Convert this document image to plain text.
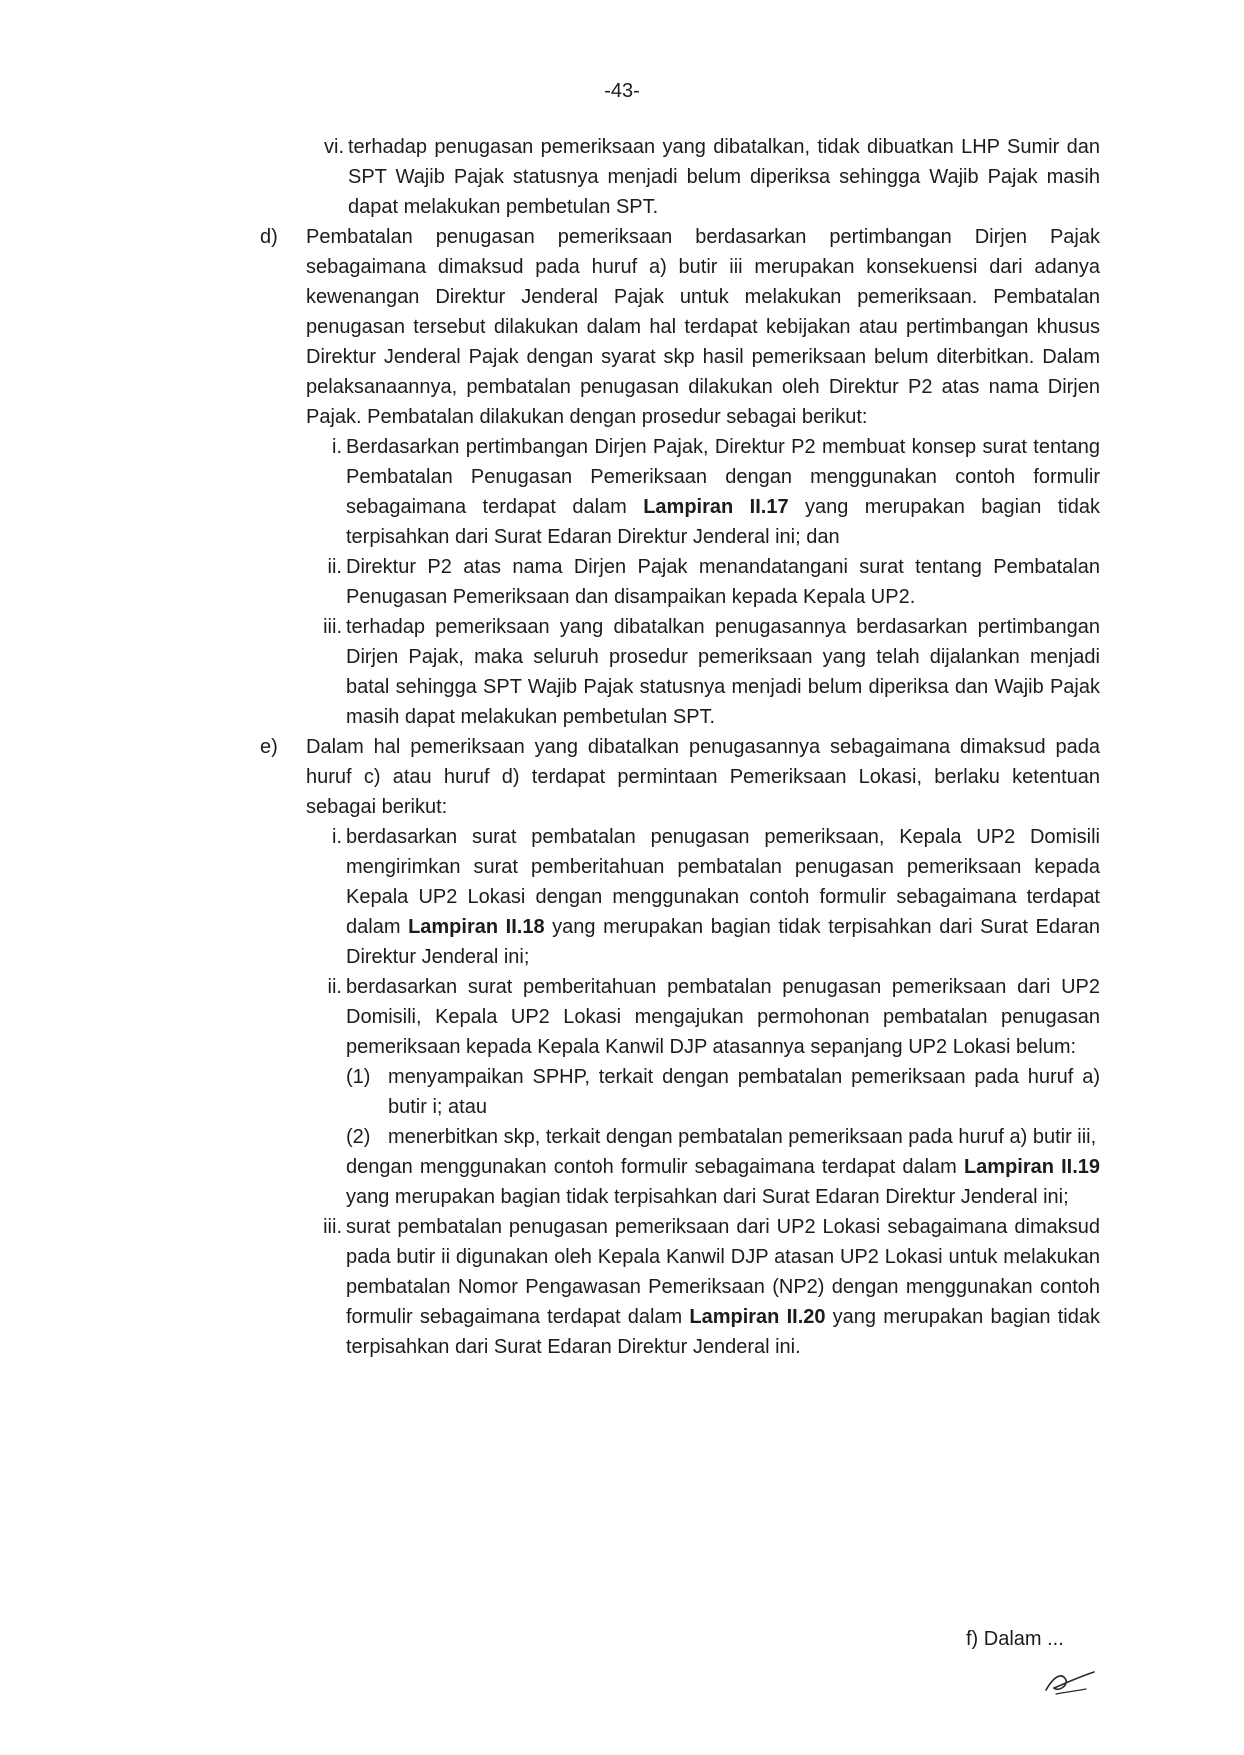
-43-
vi. terhadap penugasan pemeriksaan yang dibatalkan, tidak dibuatkan LHP Sumir dan SPT Wajib Pajak statusnya menjadi belum diperiksa sehingga Wajib Pajak masih dapat melakukan pembetulan SPT.
d) Pembatalan penugasan pemeriksaan berdasarkan pertimbangan Dirjen Pajak sebagaimana dimaksud pada huruf a) butir iii merupakan konsekuensi dari adanya kewenangan Direktur Jenderal Pajak untuk melakukan pemeriksaan. Pembatalan penugasan tersebut dilakukan dalam hal terdapat kebijakan atau pertimbangan khusus Direktur Jenderal Pajak dengan syarat skp hasil pemeriksaan belum diterbitkan. Dalam pelaksanaannya, pembatalan penugasan dilakukan oleh Direktur P2 atas nama Dirjen Pajak. Pembatalan dilakukan dengan prosedur sebagai berikut:
i. Berdasarkan pertimbangan Dirjen Pajak, Direktur P2 membuat konsep surat tentang Pembatalan Penugasan Pemeriksaan dengan menggunakan contoh formulir sebagaimana terdapat dalam Lampiran II.17 yang merupakan bagian tidak terpisahkan dari Surat Edaran Direktur Jenderal ini; dan
ii. Direktur P2 atas nama Dirjen Pajak menandatangani surat tentang Pembatalan Penugasan Pemeriksaan dan disampaikan kepada Kepala UP2.
iii. terhadap pemeriksaan yang dibatalkan penugasannya berdasarkan pertimbangan Dirjen Pajak, maka seluruh prosedur pemeriksaan yang telah dijalankan menjadi batal sehingga SPT Wajib Pajak statusnya menjadi belum diperiksa dan Wajib Pajak masih dapat melakukan pembetulan SPT.
e) Dalam hal pemeriksaan yang dibatalkan penugasannya sebagaimana dimaksud pada huruf c) atau huruf d) terdapat permintaan Pemeriksaan Lokasi, berlaku ketentuan sebagai berikut:
i. berdasarkan surat pembatalan penugasan pemeriksaan, Kepala UP2 Domisili mengirimkan surat pemberitahuan pembatalan penugasan pemeriksaan kepada Kepala UP2 Lokasi dengan menggunakan contoh formulir sebagaimana terdapat dalam Lampiran II.18 yang merupakan bagian tidak terpisahkan dari Surat Edaran Direktur Jenderal ini;
ii. berdasarkan surat pemberitahuan pembatalan penugasan pemeriksaan dari UP2 Domisili, Kepala UP2 Lokasi mengajukan permohonan pembatalan penugasan pemeriksaan kepada Kepala Kanwil DJP atasannya sepanjang UP2 Lokasi belum:
(1) menyampaikan SPHP, terkait dengan pembatalan pemeriksaan pada huruf a) butir i; atau
(2) menerbitkan skp, terkait dengan pembatalan pemeriksaan pada huruf a) butir iii,
dengan menggunakan contoh formulir sebagaimana terdapat dalam Lampiran II.19 yang merupakan bagian tidak terpisahkan dari Surat Edaran Direktur Jenderal ini;
iii. surat pembatalan penugasan pemeriksaan dari UP2 Lokasi sebagaimana dimaksud pada butir ii digunakan oleh Kepala Kanwil DJP atasan UP2 Lokasi untuk melakukan pembatalan Nomor Pengawasan Pemeriksaan (NP2) dengan menggunakan contoh formulir sebagaimana terdapat dalam Lampiran II.20 yang merupakan bagian tidak terpisahkan dari Surat Edaran Direktur Jenderal ini.
f) Dalam ...
